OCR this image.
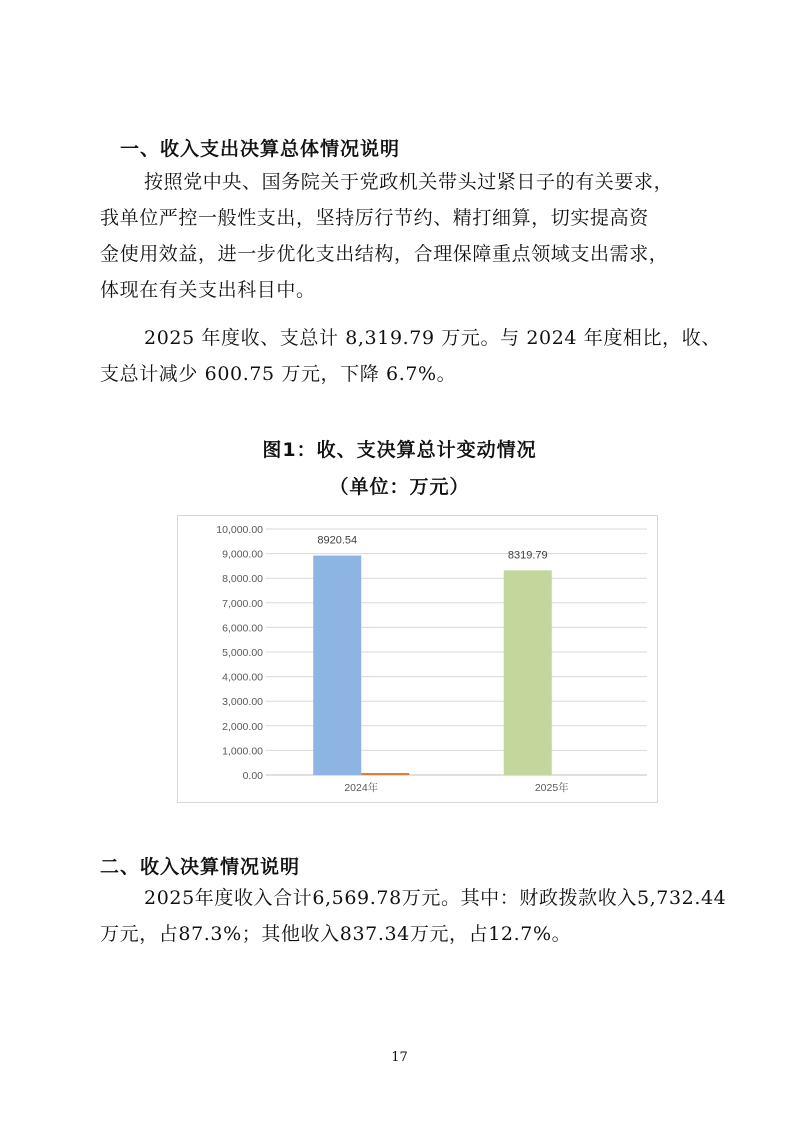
一、收入支出决算总体情况说明
按照党中央、国务院关于党政机关带头过紧日子的有关要求，
我单位严控一般性支出，坚持厉行节约、精打细算，切实提高资
金使用效益，进一步优化支出结构，合理保障重点领域支出需求，
体现在有关支出科目中。
2025 年度收、支总计 8,319.79 万元。与 2024 年度相比，收、
支总计减少 600.75 万元，下降 6.7%。
图1：收、支决算总计变动情况
（单位：万元）
0.00
1,000.00
2,000.00
3,000.00
4,000.00
5,000.00
6,000.00
7,000.00
8,000.00
9,000.00
10,000.00
8920.54
2024年
8319.79
2025年
二、收入决算情况说明
2025年度收入合计6,569.78万元。其中：财政拨款收入5,732.44
万元，占87.3%；其他收入837.34万元，占12.7%。
17
